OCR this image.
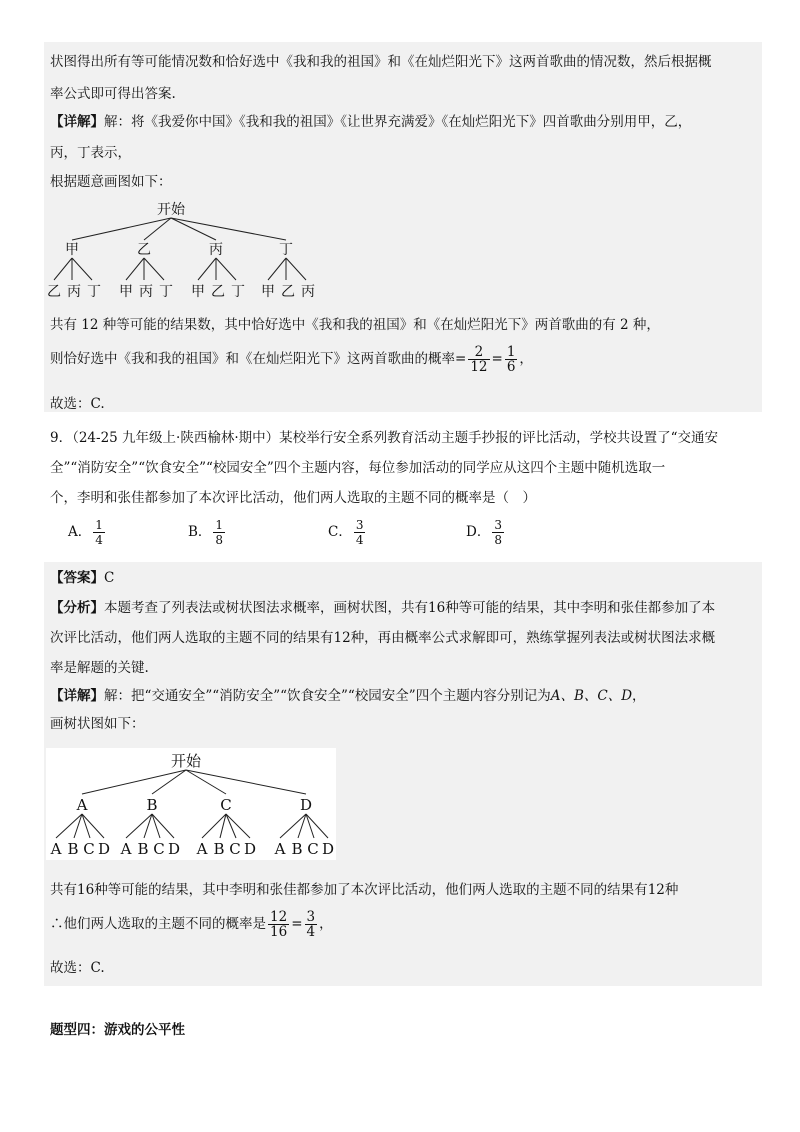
状图得出所有等可能情况数和恰好选中《我和我的祖国》和《在灿烂阳光下》这两首歌曲的情况数，然后根据概
率公式即可得出答案.
【详解】解：将《我爱你中国》《我和我的祖国》《让世界充满爱》《在灿烂阳光下》四首歌曲分别用甲，乙，
丙，丁表示，
根据题意画图如下：
开始
甲	乙	丙	丁
乙 丙 丁 甲 丙 丁 甲 乙 丁 甲 乙 丙
共有 12 种等可能的结果数，其中恰好选中《我和我的祖国》和《在灿烂阳光下》两首歌曲的有 2 种，
则恰好选中《我和我的祖国》和《在灿烂阳光下》这两首歌曲的概率= $\frac{2}{12} = \frac{1}{6}$ ，
故选：C.
9．（24-25 九年级上·陕西榆林·期中）某校举行安全系列教育活动主题手抄报的评比活动，学校共设置了“交通安
全”“消防安全”“饮食安全”“校园安全”四个主题内容，每位参加活动的同学应从这四个主题中随机选取一
个，李明和张佳都参加了本次评比活动，他们两人选取的主题不同的概率是（　）
A． $\frac{1}{4}$	B． $\frac{1}{8}$	C． $\frac{3}{4}$	D． $\frac{3}{8}$
【答案】C
【分析】本题考查了列表法或树状图法求概率，画树状图，共有16种等可能的结果，其中李明和张佳都参加了本
次评比活动，他们两人选取的主题不同的结果有12种，再由概率公式求解即可，熟练掌握列表法或树状图法求概
率是解题的关键.
【详解】解：把“交通安全”“消防安全”“饮食安全”“校园安全”四个主题内容分别记为A、B、C、D，
画树状图如下：
开始
A	B	C	D
A B C D A B C D A B C D A B C D
共有16种等可能的结果，其中李明和张佳都参加了本次评比活动，他们两人选取的主题不同的结果有12种
∴他们两人选取的主题不同的概率是 $\frac{12}{16} = \frac{3}{4}$ ，
故选：C.
题型四：游戏的公平性
